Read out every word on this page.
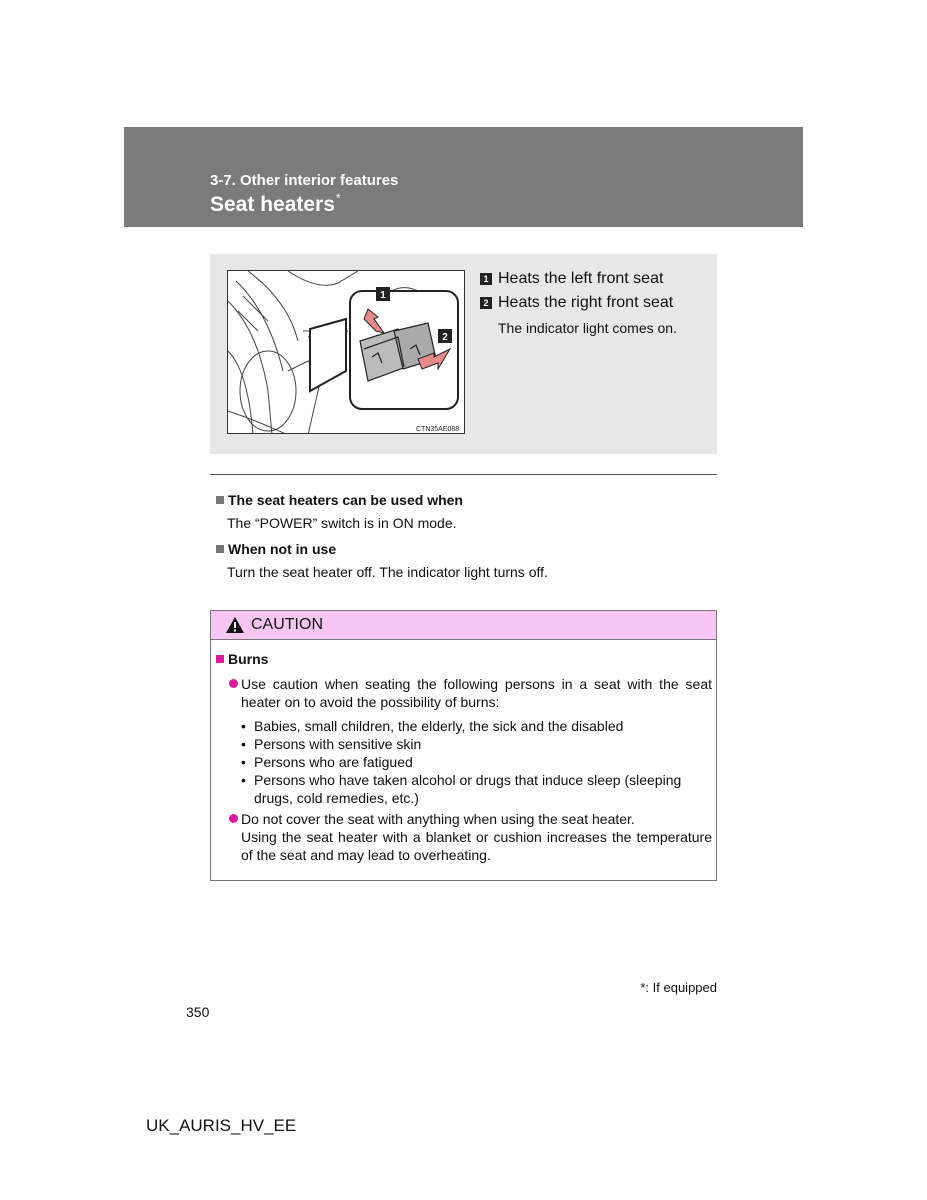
3-7. Other interior features
Seat heaters*
1
2
CTN35AE088
1 Heats the left front seat
2 Heats the right front seat
The indicator light comes on.
The seat heaters can be used when
The “POWER” switch is in ON mode.
When not in use
Turn the seat heater off. The indicator light turns off.
CAUTION
Burns
Use caution when seating the following persons in a seat with the seat heater on to avoid the possibility of burns:
• Babies, small children, the elderly, the sick and the disabled
• Persons with sensitive skin
• Persons who are fatigued
• Persons who have taken alcohol or drugs that induce sleep (sleeping drugs, cold remedies, etc.)
Do not cover the seat with anything when using the seat heater.
Using the seat heater with a blanket or cushion increases the temperature of the seat and may lead to overheating.
*: If equipped
350
UK_AURIS_HV_EE
